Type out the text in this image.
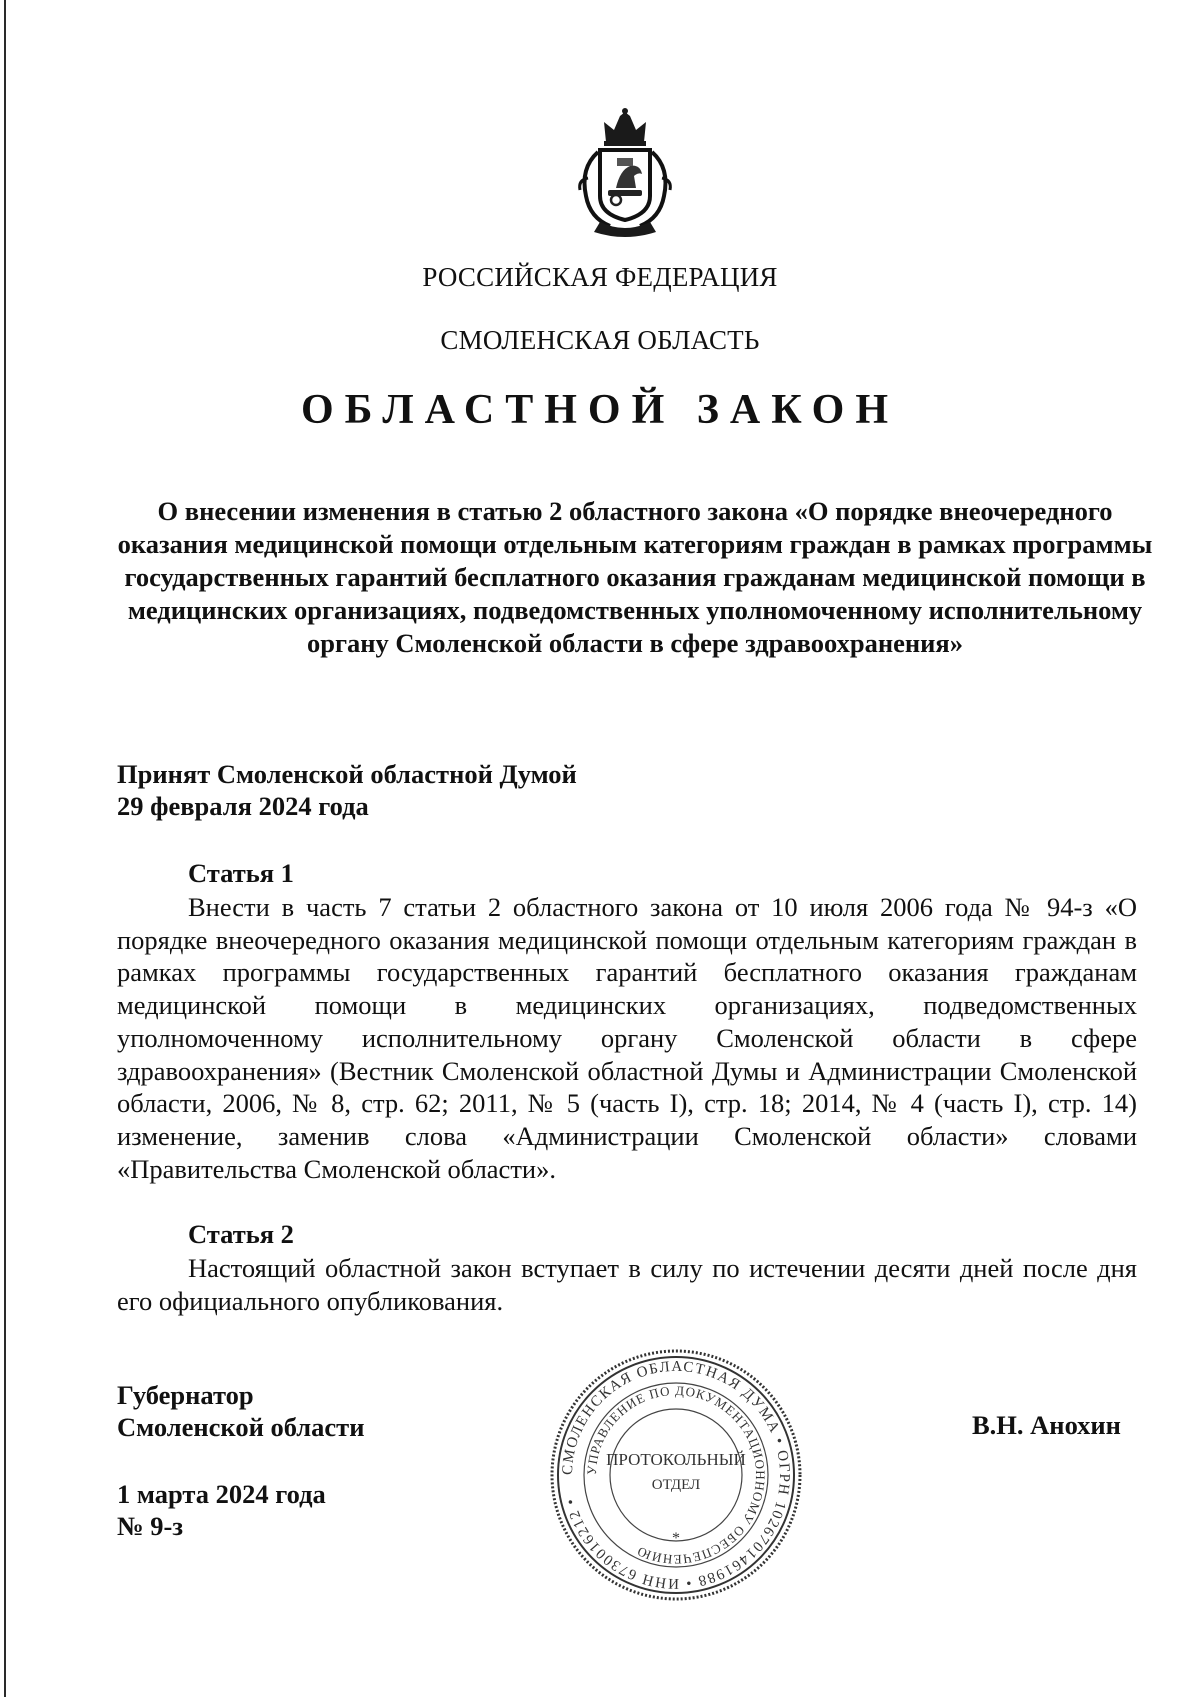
РОССИЙСКАЯ ФЕДЕРАЦИЯ
СМОЛЕНСКАЯ ОБЛАСТЬ
ОБЛАСТНОЙ ЗАКОН

О внесении изменения в статью 2 областного закона «О порядке внеочередного оказания медицинской помощи отдельным категориям граждан в рамках программы государственных гарантий бесплатного оказания гражданам медицинской помощи в медицинских организациях, подведомственных уполномоченному исполнительному органу Смоленской области в сфере здравоохранения»

Принят Смоленской областной Думой
29 февраля 2024 года
Статья 1

Внести в часть 7 статьи 2 областного закона от 10 июля 2006 года № 94-з «О порядке внеочередного оказания медицинской помощи отдельным категориям граждан в рамках программы государственных гарантий бесплатного оказания гражданам медицинской помощи в медицинских организациях, подведомственных уполномоченному исполнительному органу Смоленской области в сфере здравоохранения» (Вестник Смоленской областной Думы и Администрации Смоленской области, 2006, № 8, стр. 62; 2011, № 5 (часть I), стр. 18; 2014, № 4 (часть I), стр. 14) изменение, заменив слова «Администрации Смоленской области» словами «Правительства Смоленской области».

Статья 2

Настоящий областной закон вступает в силу по истечении десяти дней после дня его официального опубликования.

Губернатор
Смоленской области
СМОЛЕНСКАЯ ОБЛАСТНАЯ ДУМА • ОГРН 1026701461988 • ИНН 6730016212 •
УПРАВЛЕНИЕ ПО ДОКУМЕНТАЦИОННОМУ ОБЕСПЕЧЕНИЮ
ПРОТОКОЛЬНЫЙ
ОТДЕЛ
*
В.Н. Анохин
1 марта 2024 года
№ 9-з
